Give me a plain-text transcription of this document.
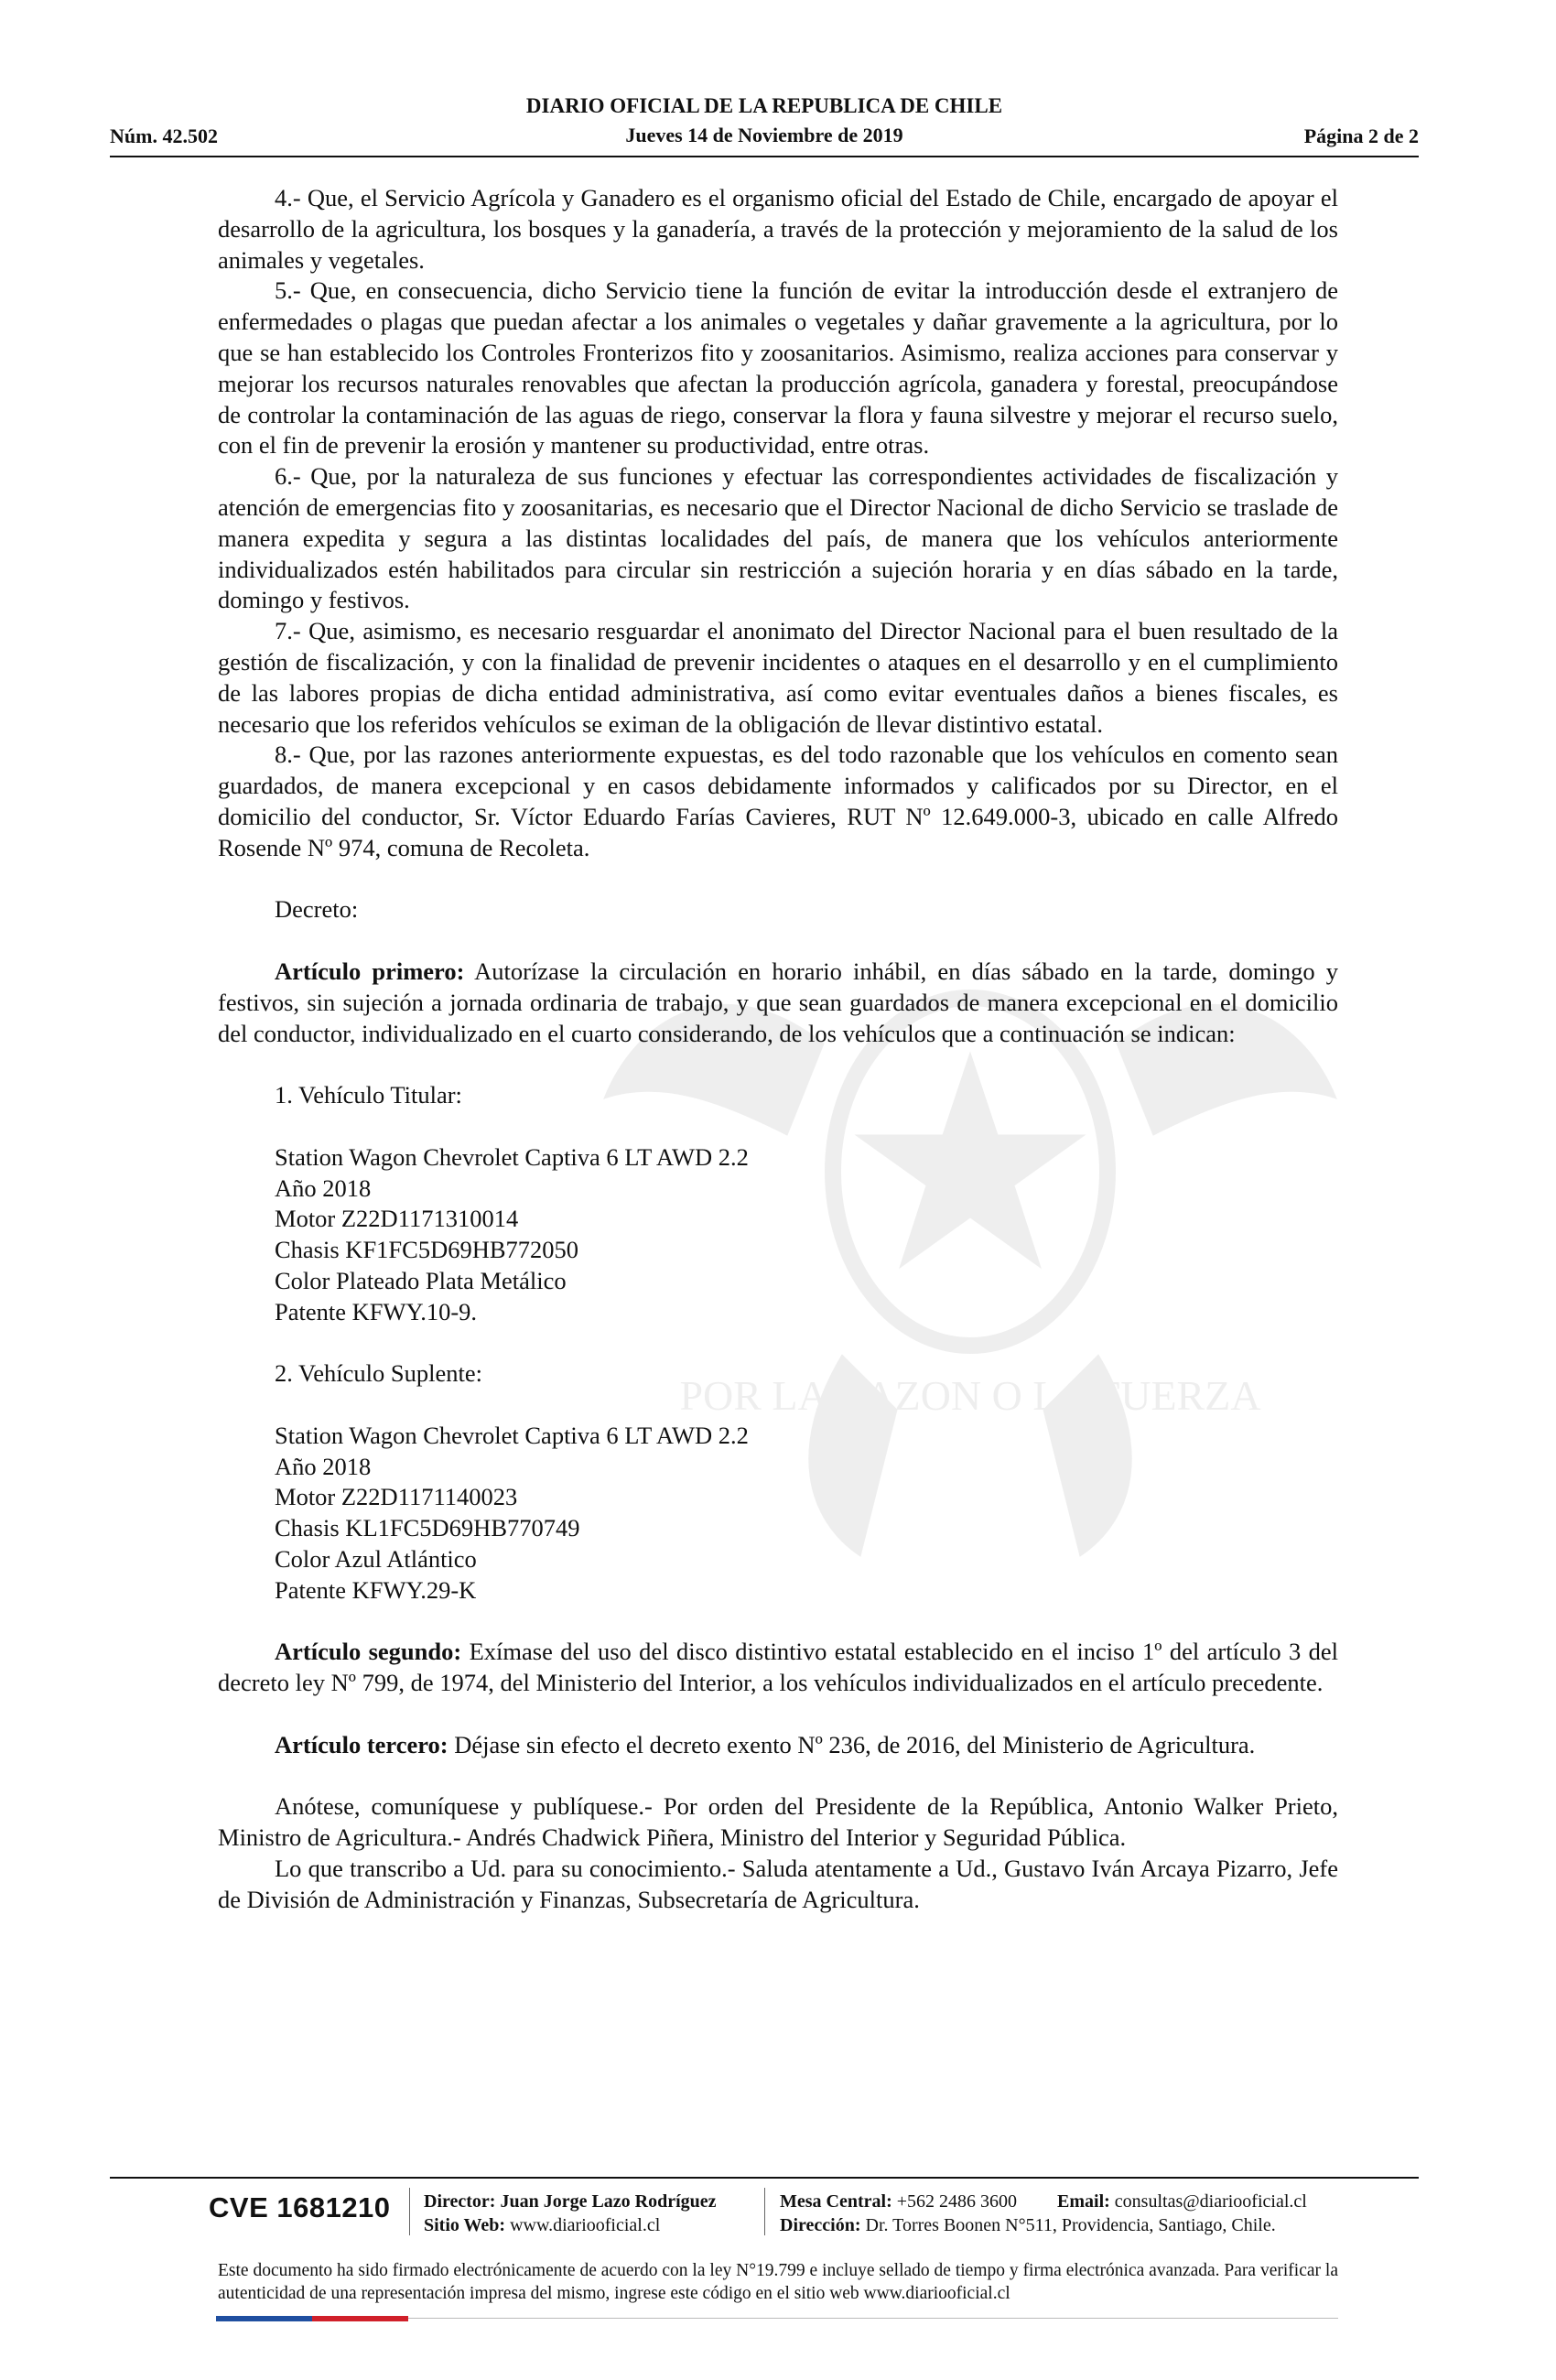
POR LA RAZON O LA FUERZA
Núm. 42.502
DIARIO OFICIAL DE LA REPUBLICA DE CHILE
Jueves 14 de Noviembre de 2019	Página 2 de 2

4.- Que, el Servicio Agrícola y Ganadero es el organismo oficial del Estado de Chile, encargado de apoyar el desarrollo de la agricultura, los bosques y la ganadería, a través de la protección y mejoramiento de la salud de los animales y vegetales.

5.- Que, en consecuencia, dicho Servicio tiene la función de evitar la introducción desde el extranjero de enfermedades o plagas que puedan afectar a los animales o vegetales y dañar gravemente a la agricultura, por lo que se han establecido los Controles Fronterizos fito y zoosanitarios. Asimismo, realiza acciones para conservar y mejorar los recursos naturales renovables que afectan la producción agrícola, ganadera y forestal, preocupándose de controlar la contaminación de las aguas de riego, conservar la flora y fauna silvestre y mejorar el recurso suelo, con el fin de prevenir la erosión y mantener su productividad, entre otras.

6.- Que, por la naturaleza de sus funciones y efectuar las correspondientes actividades de fiscalización y atención de emergencias fito y zoosanitarias, es necesario que el Director Nacional de dicho Servicio se traslade de manera expedita y segura a las distintas localidades del país, de manera que los vehículos anteriormente individualizados estén habilitados para circular sin restricción a sujeción horaria y en días sábado en la tarde, domingo y festivos.

7.- Que, asimismo, es necesario resguardar el anonimato del Director Nacional para el buen resultado de la gestión de fiscalización, y con la finalidad de prevenir incidentes o ataques en el desarrollo y en el cumplimiento de las labores propias de dicha entidad administrativa, así como evitar eventuales daños a bienes fiscales, es necesario que los referidos vehículos se eximan de la obligación de llevar distintivo estatal.

8.- Que, por las razones anteriormente expuestas, es del todo razonable que los vehículos en comento sean guardados, de manera excepcional y en casos debidamente informados y calificados por su Director, en el domicilio del conductor, Sr. Víctor Eduardo Farías Cavieres, RUT Nº 12.649.000-3, ubicado en calle Alfredo Rosende Nº 974, comuna de Recoleta.

Decreto:

Artículo primero: Autorízase la circulación en horario inhábil, en días sábado en la tarde, domingo y festivos, sin sujeción a jornada ordinaria de trabajo, y que sean guardados de manera excepcional en el domicilio del conductor, individualizado en el cuarto considerando, de los vehículos que a continuación se indican:

1. Vehículo Titular:
Station Wagon Chevrolet Captiva 6 LT AWD 2.2
Año 2018
Motor Z22D1171310014
Chasis KF1FC5D69HB772050
Color Plateado Plata Metálico
Patente KFWY.10-9.
2. Vehículo Suplente:
Station Wagon Chevrolet Captiva 6 LT AWD 2.2
Año 2018
Motor Z22D1171140023
Chasis KL1FC5D69HB770749
Color Azul Atlántico
Patente KFWY.29-K

Artículo segundo: Exímase del uso del disco distintivo estatal establecido en el inciso 1º del artículo 3 del decreto ley Nº 799, de 1974, del Ministerio del Interior, a los vehículos individualizados en el artículo precedente.

Artículo tercero: Déjase sin efecto el decreto exento Nº 236, de 2016, del Ministerio de Agricultura.

Anótese, comuníquese y publíquese.- Por orden del Presidente de la República, Antonio Walker Prieto, Ministro de Agricultura.- Andrés Chadwick Piñera, Ministro del Interior y Seguridad Pública.

Lo que transcribo a Ud. para su conocimiento.- Saluda atentamente a Ud., Gustavo Iván Arcaya Pizarro, Jefe de División de Administración y Finanzas, Subsecretaría de Agricultura.

CVE 1681210 Director: Juan Jorge Lazo Rodríguez
Sitio Web: www.diariooficial.cl
Mesa Central: +562 2486 3600 Email: consultas@diariooficial.cl
Dirección: Dr. Torres Boonen N°511, Providencia, Santiago, Chile.
Este documento ha sido firmado electrónicamente de acuerdo con la ley N°19.799 e incluye sellado de tiempo y firma electrónica avanzada. Para verificar la autenticidad de una representación impresa del mismo, ingrese este código en el sitio web www.diariooficial.cl
